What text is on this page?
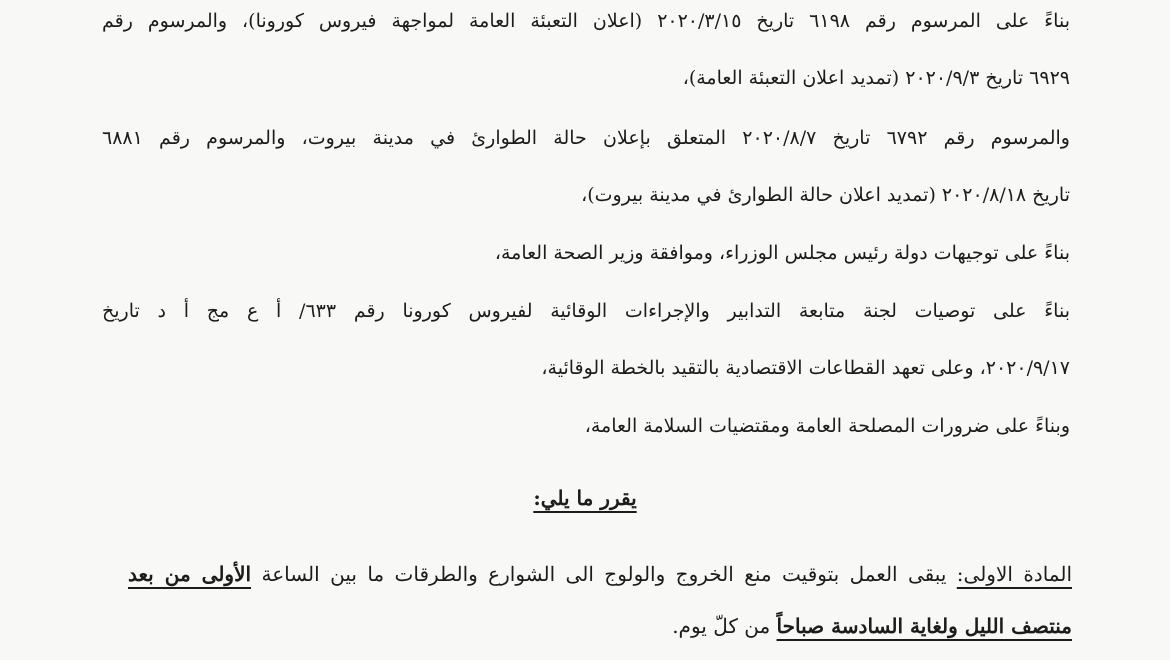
بناءً على المرسوم رقم ٦١٩٨ تاريخ ٢٠٢٠/٣/١٥ (اعلان التعبئة العامة لمواجهة فيروس كورونا)، والمرسوم رقم
٦٩٢٩ تاريخ ٢٠٢٠/٩/٣ (تمديد اعلان التعبئة العامة)،

والمرسوم رقم ٦٧٩٢ تاريخ ٢٠٢٠/٨/٧ المتعلق بإعلان حالة الطوارئ في مدينة بيروت، والمرسوم رقم ٦٨٨١
تاريخ ٢٠٢٠/٨/١٨ (تمديد اعلان حالة الطوارئ في مدينة بيروت)،

بناءً على توجيهات دولة رئيس مجلس الوزراء، وموافقة وزير الصحة العامة،

بناءً على توصيات لجنة متابعة التدابير والإجراءات الوقائية لفيروس كورونا رقم ٦٣٣/ أ ع مج أ د تاريخ
٢٠٢٠/٩/١٧، وعلى تعهد القطاعات الاقتصادية بالتقيد بالخطة الوقائية،

وبناءً على ضرورات المصلحة العامة ومقتضيات السلامة العامة،

يقرر ما يلي:
المادة الاولى: يبقى العمل بتوقيت منع الخروج والولوج الى الشوارع والطرقات ما بين الساعة الأولى من بعد
منتصف الليل ولغاية السادسة صباحاً من كلّ يوم.
